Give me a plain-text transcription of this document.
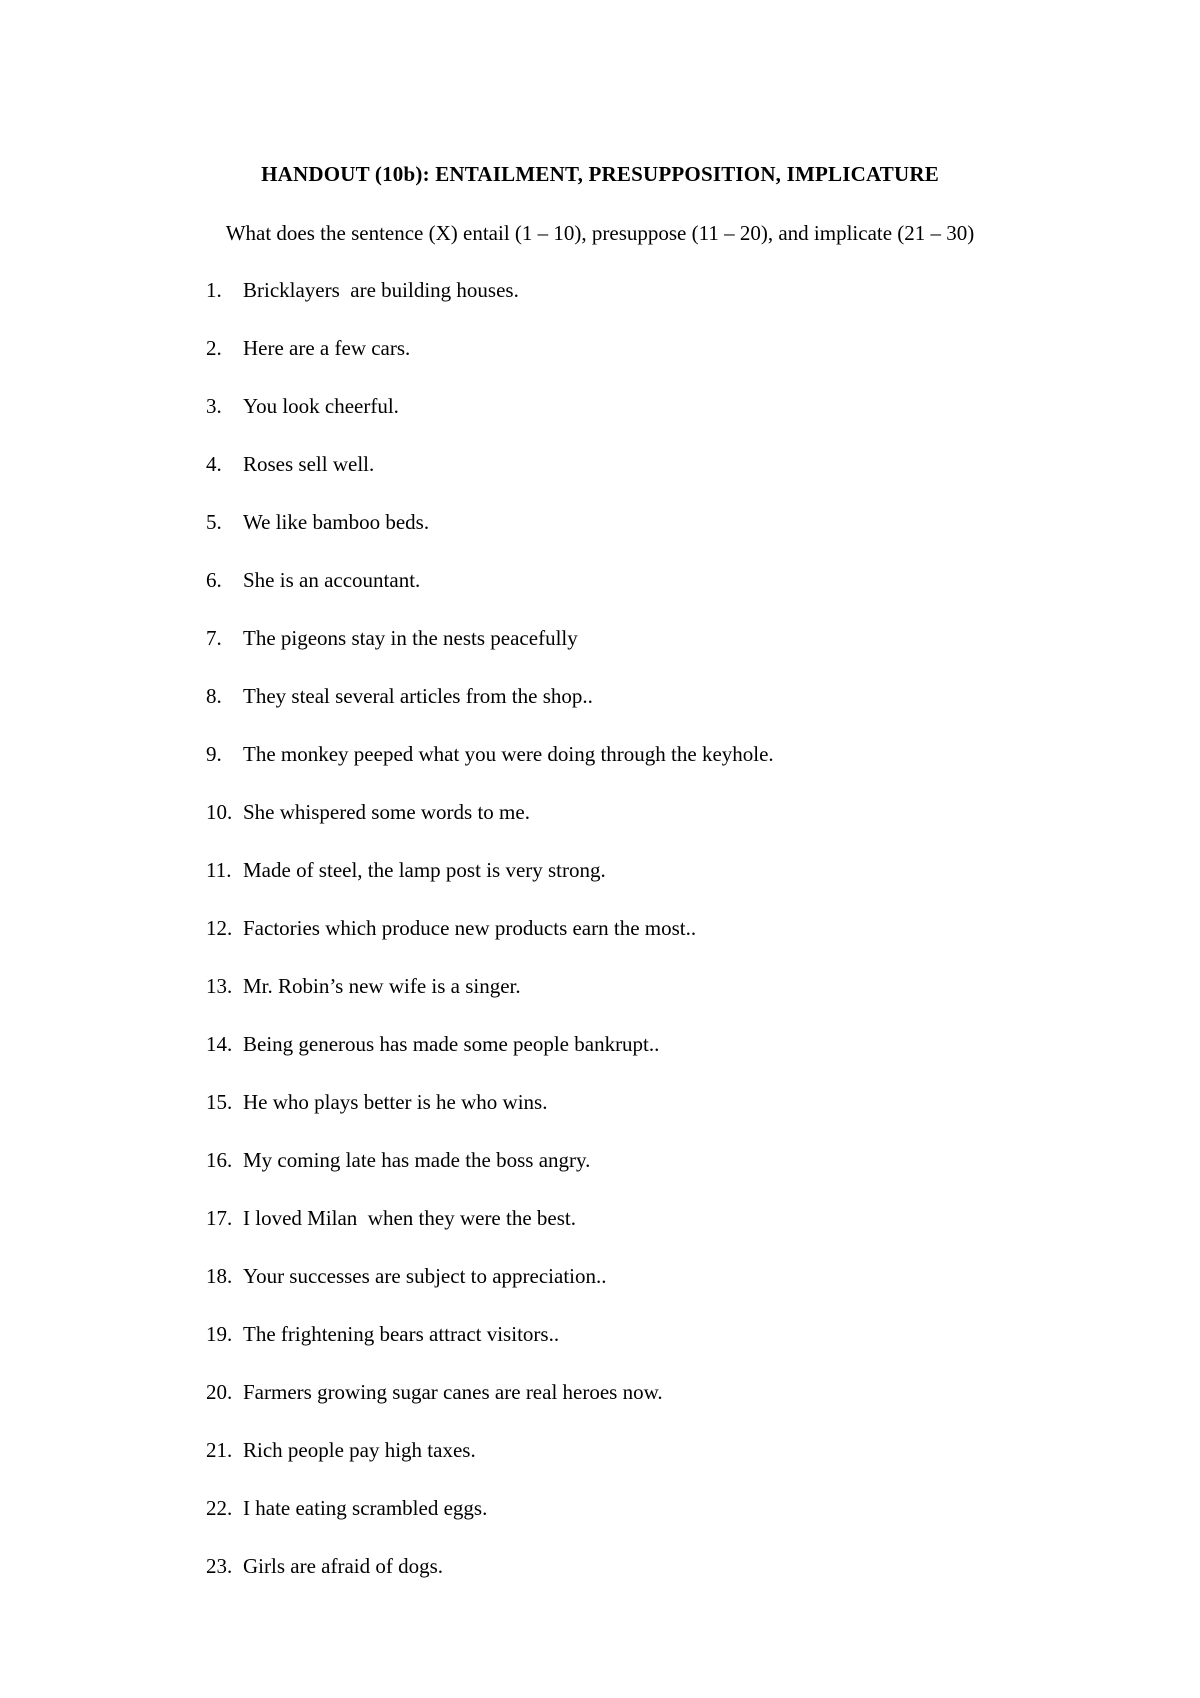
HANDOUT (10b): ENTAILMENT, PRESUPPOSITION, IMPLICATURE
What does the sentence (X) entail (1 – 10), presuppose (11 – 20), and implicate (21 – 30)
1. Bricklayers  are building houses.
2. Here are a few cars.
3. You look cheerful.
4. Roses sell well.
5. We like bamboo beds.
6. She is an accountant.
7. The pigeons stay in the nests peacefully
8. They steal several articles from the shop..
9. The monkey peeped what you were doing through the keyhole.
10. She whispered some words to me.
11. Made of steel, the lamp post is very strong.
12. Factories which produce new products earn the most..
13. Mr. Robin’s new wife is a singer.
14. Being generous has made some people bankrupt..
15. He who plays better is he who wins.
16. My coming late has made the boss angry.
17. I loved Milan  when they were the best.
18. Your successes are subject to appreciation..
19. The frightening bears attract visitors..
20. Farmers growing sugar canes are real heroes now.
21. Rich people pay high taxes.
22. I hate eating scrambled eggs.
23. Girls are afraid of dogs.
